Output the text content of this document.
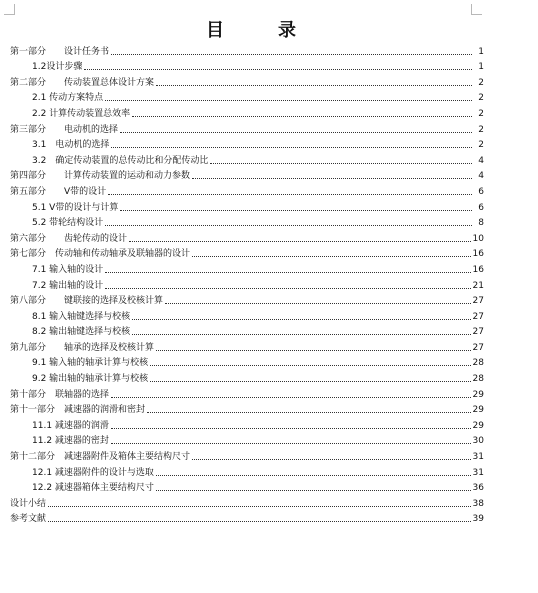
目　录
第一部分　　设计任务书	1
1.2设计步骤	1
第二部分　　传动装置总体设计方案	2
2.1 传动方案特点	2
2.2 计算传动装置总效率	2
第三部分　　电动机的选择	2
3.1　电动机的选择	2
3.2　确定传动装置的总传动比和分配传动比	4
第四部分　　计算传动装置的运动和动力参数	4
第五部分　　V带的设计	6
5.1 V带的设计与计算	6
5.2 带轮结构设计	8
第六部分　　齿轮传动的设计	10
第七部分　传动轴和传动轴承及联轴器的设计	16
7.1 输入轴的设计	16
7.2 输出轴的设计	21
第八部分　　键联接的选择及校核计算	27
8.1 输入轴键选择与校核	27
8.2 输出轴键选择与校核	27
第九部分　　轴承的选择及校核计算	27
9.1 输入轴的轴承计算与校核	28
9.2 输出轴的轴承计算与校核	28
第十部分　联轴器的选择	29
第十一部分　减速器的润滑和密封	29
11.1 减速器的润滑	29
11.2 减速器的密封	30
第十二部分　减速器附件及箱体主要结构尺寸	31
12.1 减速器附件的设计与选取	31
12.2 减速器箱体主要结构尺寸	36
设计小结	38
参考文献	39
